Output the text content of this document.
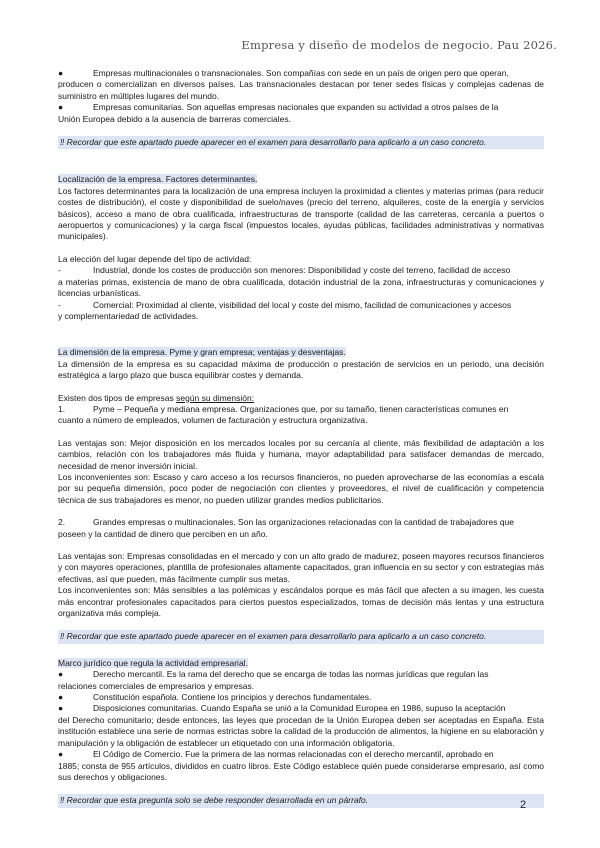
Empresa y diseño de modelos de negocio. Pau 2026.
●	Empresas multinacionales o transnacionales. Son compañías con sede en un país de origen pero que operan,

producen o comercializan en diversos países. Las transnacionales destacan por tener sedes físicas y complejas cadenas de suministro en múltiples lugares del mundo.

●	Empresas comunitarias. Son aquellas empresas nacionales que expanden su actividad a otros países de la

Unión Europea debido a la ausencia de barreras comerciales.

‼ Recordar que este apartado puede aparecer en el examen para desarrollarlo para aplicarlo a un caso concreto.

Localización de la empresa. Factores determinantes.

Los factores determinantes para la localización de una empresa incluyen la proximidad a clientes y materias primas (para reducir costes de distribución), el coste y disponibilidad de suelo/naves (precio del terreno, alquileres, coste de la energía y servicios básicos), acceso a mano de obra cualificada, infraestructuras de transporte (calidad de las carreteras, cercanía a puertos o aeropuertos y comunicaciones) y la carga fiscal (impuestos locales, ayudas públicas, facilidades administrativas y normativas municipales).

La elección del lugar depende del tipo de actividad:

-	Industrial, donde los costes de producción son menores: Disponibilidad y coste del terreno, facilidad de acceso

a materias primas, existencia de mano de obra cualificada, dotación industrial de la zona, infraestructuras y comunicaciones y licencias urbanísticas.

-	Comercial: Proximidad al cliente, visibilidad del local y coste del mismo, facilidad de comunicaciones y accesos

y complementariedad de actividades.

La dimensión de la empresa. Pyme y gran empresa; ventajas y desventajas.

La dimensión de la empresa es su capacidad máxima de producción o prestación de servicios en un periodo, una decisión estratégica a largo plazo que busca equilibrar costes y demanda.

Existen dos tipos de empresas según su dimensión:

1.	Pyme – Pequeña y mediana empresa. Organizaciones que, por su tamaño, tienen características comunes en

cuanto a número de empleados, volumen de facturación y estructura organizativa.

Las ventajas son: Mejor disposición en los mercados locales por su cercanía al cliente, más flexibilidad de adaptación a los cambios, relación con los trabajadores más fluida y humana, mayor adaptabilidad para satisfacer demandas de mercado, necesidad de menor inversión inicial.

Los inconvenientes son: Escaso y caro acceso a los recursos financieros, no pueden aprovecharse de las economías a escala por su pequeña dimensión, poco poder de negociación con clientes y proveedores, el nivel de cualificación y competencia técnica de sus trabajadores es menor, no pueden utilizar grandes medios publicitarios.

2.	Grandes empresas o multinacionales. Son las organizaciones relacionadas con la cantidad de trabajadores que

poseen y la cantidad de dinero que perciben en un año.

Las ventajas son: Empresas consolidadas en el mercado y con un alto grado de madurez, poseen mayores recursos financieros y con mayores operaciones, plantilla de profesionales altamente capacitados, gran influencia en su sector y con estrategias más efectivas, así que pueden, más fácilmente cumplir sus metas.

Los inconvenientes son: Más sensibles a las polémicas y escándalos porque es más fácil que afecten a su imagen, les cuesta más encontrar profesionales capacitados para ciertos puestos especializados, tomas de decisión más lentas y una estructura organizativa más compleja.

‼ Recordar que este apartado puede aparecer en el examen para desarrollarlo para aplicarlo a un caso concreto.

Marco jurídico que regula la actividad empresarial.
●	Derecho mercantil. Es la rama del derecho que se encarga de todas las normas jurídicas que regulan las

relaciones comerciales de empresarios y empresas.

●	Constitución española. Contiene los principios y derechos fundamentales.
●	Disposiciones comunitarias. Cuando España se unió a la Comunidad Europea en 1986, supuso la aceptación

del Derecho comunitario; desde entonces, las leyes que procedan de la Unión Europea deben ser aceptadas en España. Esta institución establece una serie de normas estrictas sobre la calidad de la producción de alimentos, la higiene en su elaboración y manipulación y la obligación de establecer un etiquetado con una información obligatoria.

●	El Código de Comercio. Fue la primera de las normas relacionadas con el derecho mercantil, aprobado en

1885; consta de 955 artículos, divididos en cuatro libros. Este Código establece quién puede considerarse empresario, así como sus derechos y obligaciones.

‼ Recordar que esta pregunta solo se debe responder desarrollada en un párrafo.	2
